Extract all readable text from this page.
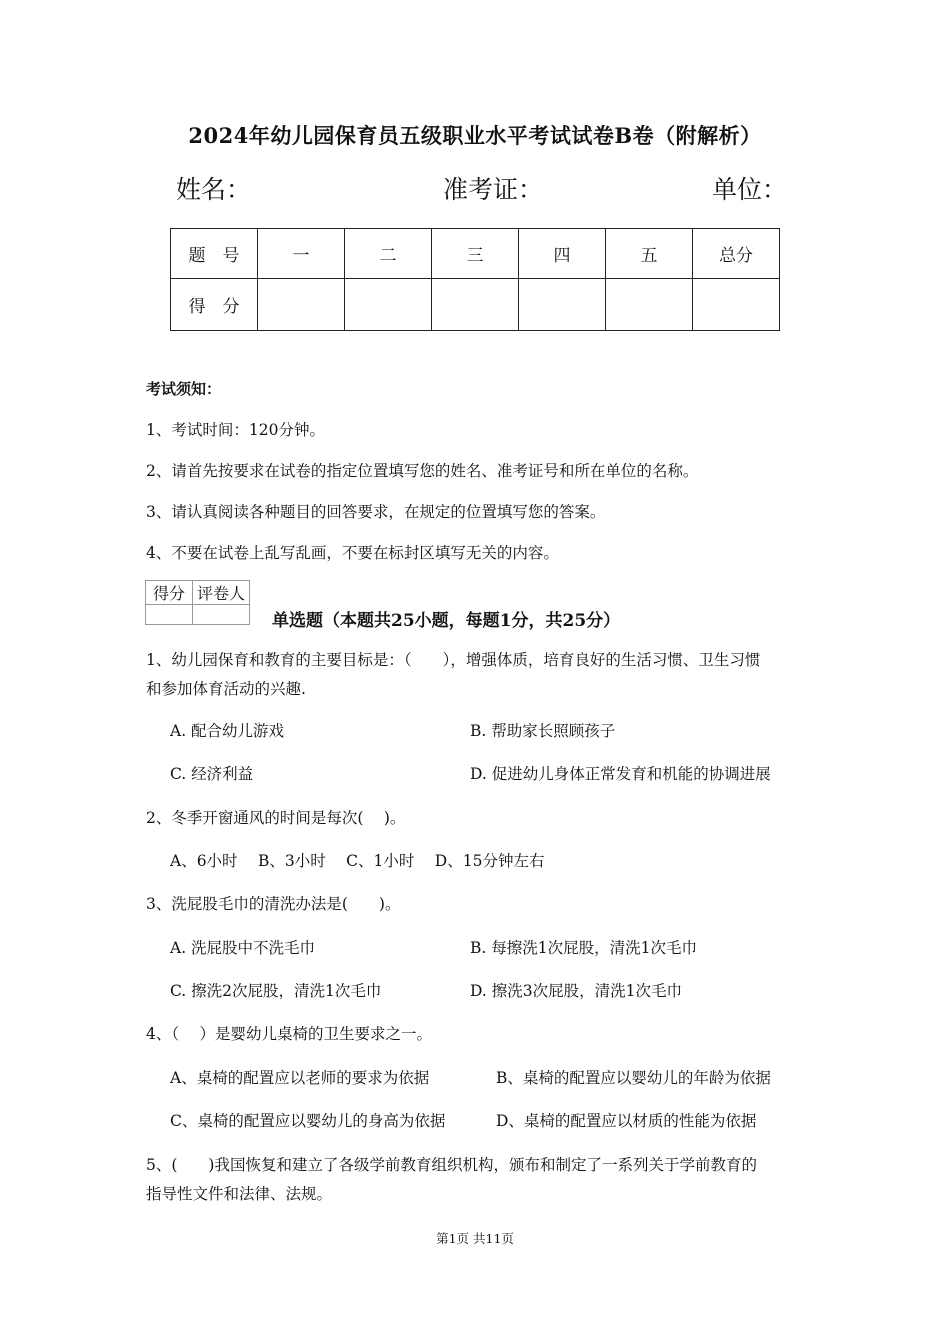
2024年幼儿园保育员五级职业水平考试试卷B卷（附解析）
姓名：	准考证：	单位：
题　号	一	二	三	四	五	总分
得　分						
考试须知：
1、考试时间：120分钟。
2、请首先按要求在试卷的指定位置填写您的姓名、准考证号和所在单位的名称。
3、请认真阅读各种题目的回答要求，在规定的位置填写您的答案。
4、不要在试卷上乱写乱画，不要在标封区填写无关的内容。
得分	评卷人

单选题（本题共25小题，每题1分，共25分）
1、幼儿园保育和教育的主要目标是：（　　），增强体质，培育良好的生活习惯、卫生习惯
和参加体育活动的兴趣.
A. 配合幼儿游戏	B. 帮助家长照顾孩子
C. 经济利益	D. 促进幼儿身体正常发育和机能的协调进展
2、冬季开窗通风的时间是每次(　 )。
A、6小时　 B、3小时　 C、1小时　 D、15分钟左右
3、洗屁股毛巾的清洗办法是(　　)。
A. 洗屁股中不洗毛巾	B. 每擦洗1次屁股，清洗1次毛巾
C. 擦洗2次屁股，清洗1次毛巾	D. 擦洗3次屁股，清洗1次毛巾
4、（　 ）是婴幼儿桌椅的卫生要求之一。
A、桌椅的配置应以老师的要求为依据	B、桌椅的配置应以婴幼儿的年龄为依据
C、桌椅的配置应以婴幼儿的身高为依据	D、桌椅的配置应以材质的性能为依据
5、(　　)我国恢复和建立了各级学前教育组织机构，颁布和制定了一系列关于学前教育的
指导性文件和法律、法规。
第1页 共11页
